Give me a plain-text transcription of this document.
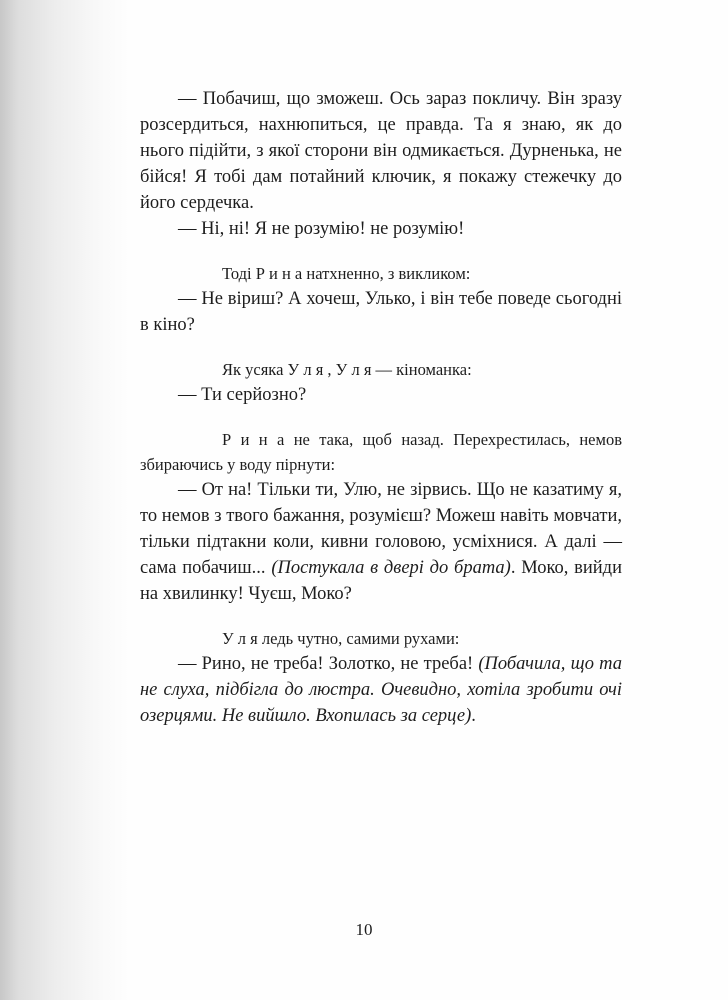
— Побачиш, що зможеш. Ось зараз покличу. Він зразу розсердиться, нахнюпиться, це правда. Та я знаю, як до нього підійти, з якої сторони він одмикається. Дурненька, не бійся! Я тобі дам потайний ключик, я покажу стежечку до його сердечка.

— Ні, ні! Я не розумію! не розумію!

Тоді Р и н а натхненно, з викликом:

— Не віриш? А хочеш, Улько, і він тебе поведе сьогодні в кіно?

Як усяка У л я , У л я — кіноманка:

— Ти серйозно?

Р и н а не така, щоб назад. Перехрестилась, немов збираючись у воду пірнути:

— От на! Тільки ти, Улю, не зірвись. Що не казатиму я, то немов з твого бажання, розумієш? Можеш навіть мовчати, тільки підтакни коли, кивни головою, усміхнися. А далі — сама побачиш... (Постукала в двері до брата). Моко, вийди на хвилинку! Чуєш, Моко?

У л я ледь чутно, самими рухами:

— Рино, не треба! Золотко, не треба! (Побачила, що та не слуха, підбігла до люстра. Очевидно, хотіла зробити очі озерцями. Не вийшло. Вхопилась за серце).

10
